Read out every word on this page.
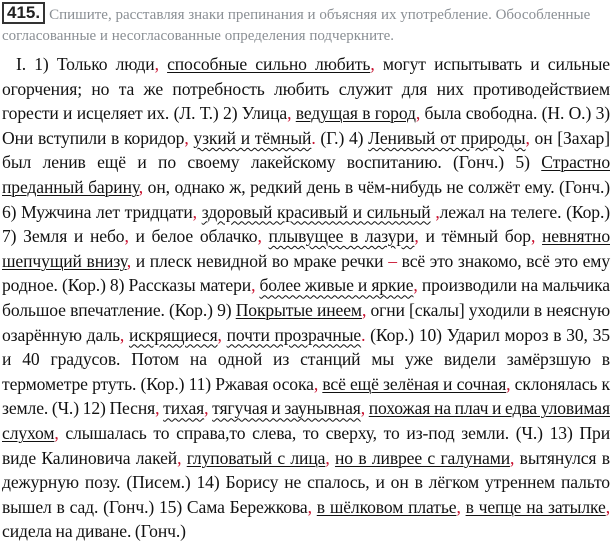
415. Спишите, расставляя знаки препинания и объясняя их употребление. Обособленные согласованные и несогласованные определения подчеркните.
I. 1) Только люди, способные сильно любить, могут испытывать и сильные огорчения; но та же потребность любить служит для них противодействием горести и исцеляет их. (Л. Т.) 2) Улица, ведущая в город, была свободна. (Н. О.) 3) Они вступили в коридор, узкий и тёмный. (Г.) 4) Ленивый от природы, он [Захар] был ленив ещё и по своему лакейскому воспитанию. (Гонч.) 5) Страстно преданный барину, он, однако ж, редкий день в чём-нибудь не солжёт ему. (Гонч.) 6) Мужчина лет тридцати, здоровый красивый и сильный ,лежал на телеге. (Кор.) 7) Земля и небо, и белое облачко, плывущее в лазури, и тёмный бор, невнятно шепчущий внизу, и плеск невидной во мраке речки – всё это знакомо, всё это ему родное. (Кор.) 8) Рассказы матери, более живые и яркие, производили на мальчика большое впечатление. (Кор.) 9) Покрытые инеем, огни [скалы] уходили в неясную озарённую даль, искрящиеся, почти прозрачные. (Кор.) 10) Ударил мороз в 30, 35 и 40 градусов. Потом на одной из станций мы уже видели замёрзшую в термометре ртуть. (Кор.) 11) Ржавая осока, всё ещё зелёная и сочная, склонялась к земле. (Ч.) 12) Песня, тихая, тягучая и заунывная, похожая на плач и едва уловимая слухом, слышалась то справа,то слева, то сверху, то из-под земли. (Ч.) 13) При виде Калиновича лакей, глуповатый с лица, но в ливрее с галунами, вытянулся в дежурную позу. (Писем.) 14) Борису не спалось, и он в лёгком утреннем пальто вышел в сад. (Гонч.) 15) Сама Бережкова, в шёлковом платье, в чепце на затылке, сидела на диване. (Гонч.)
